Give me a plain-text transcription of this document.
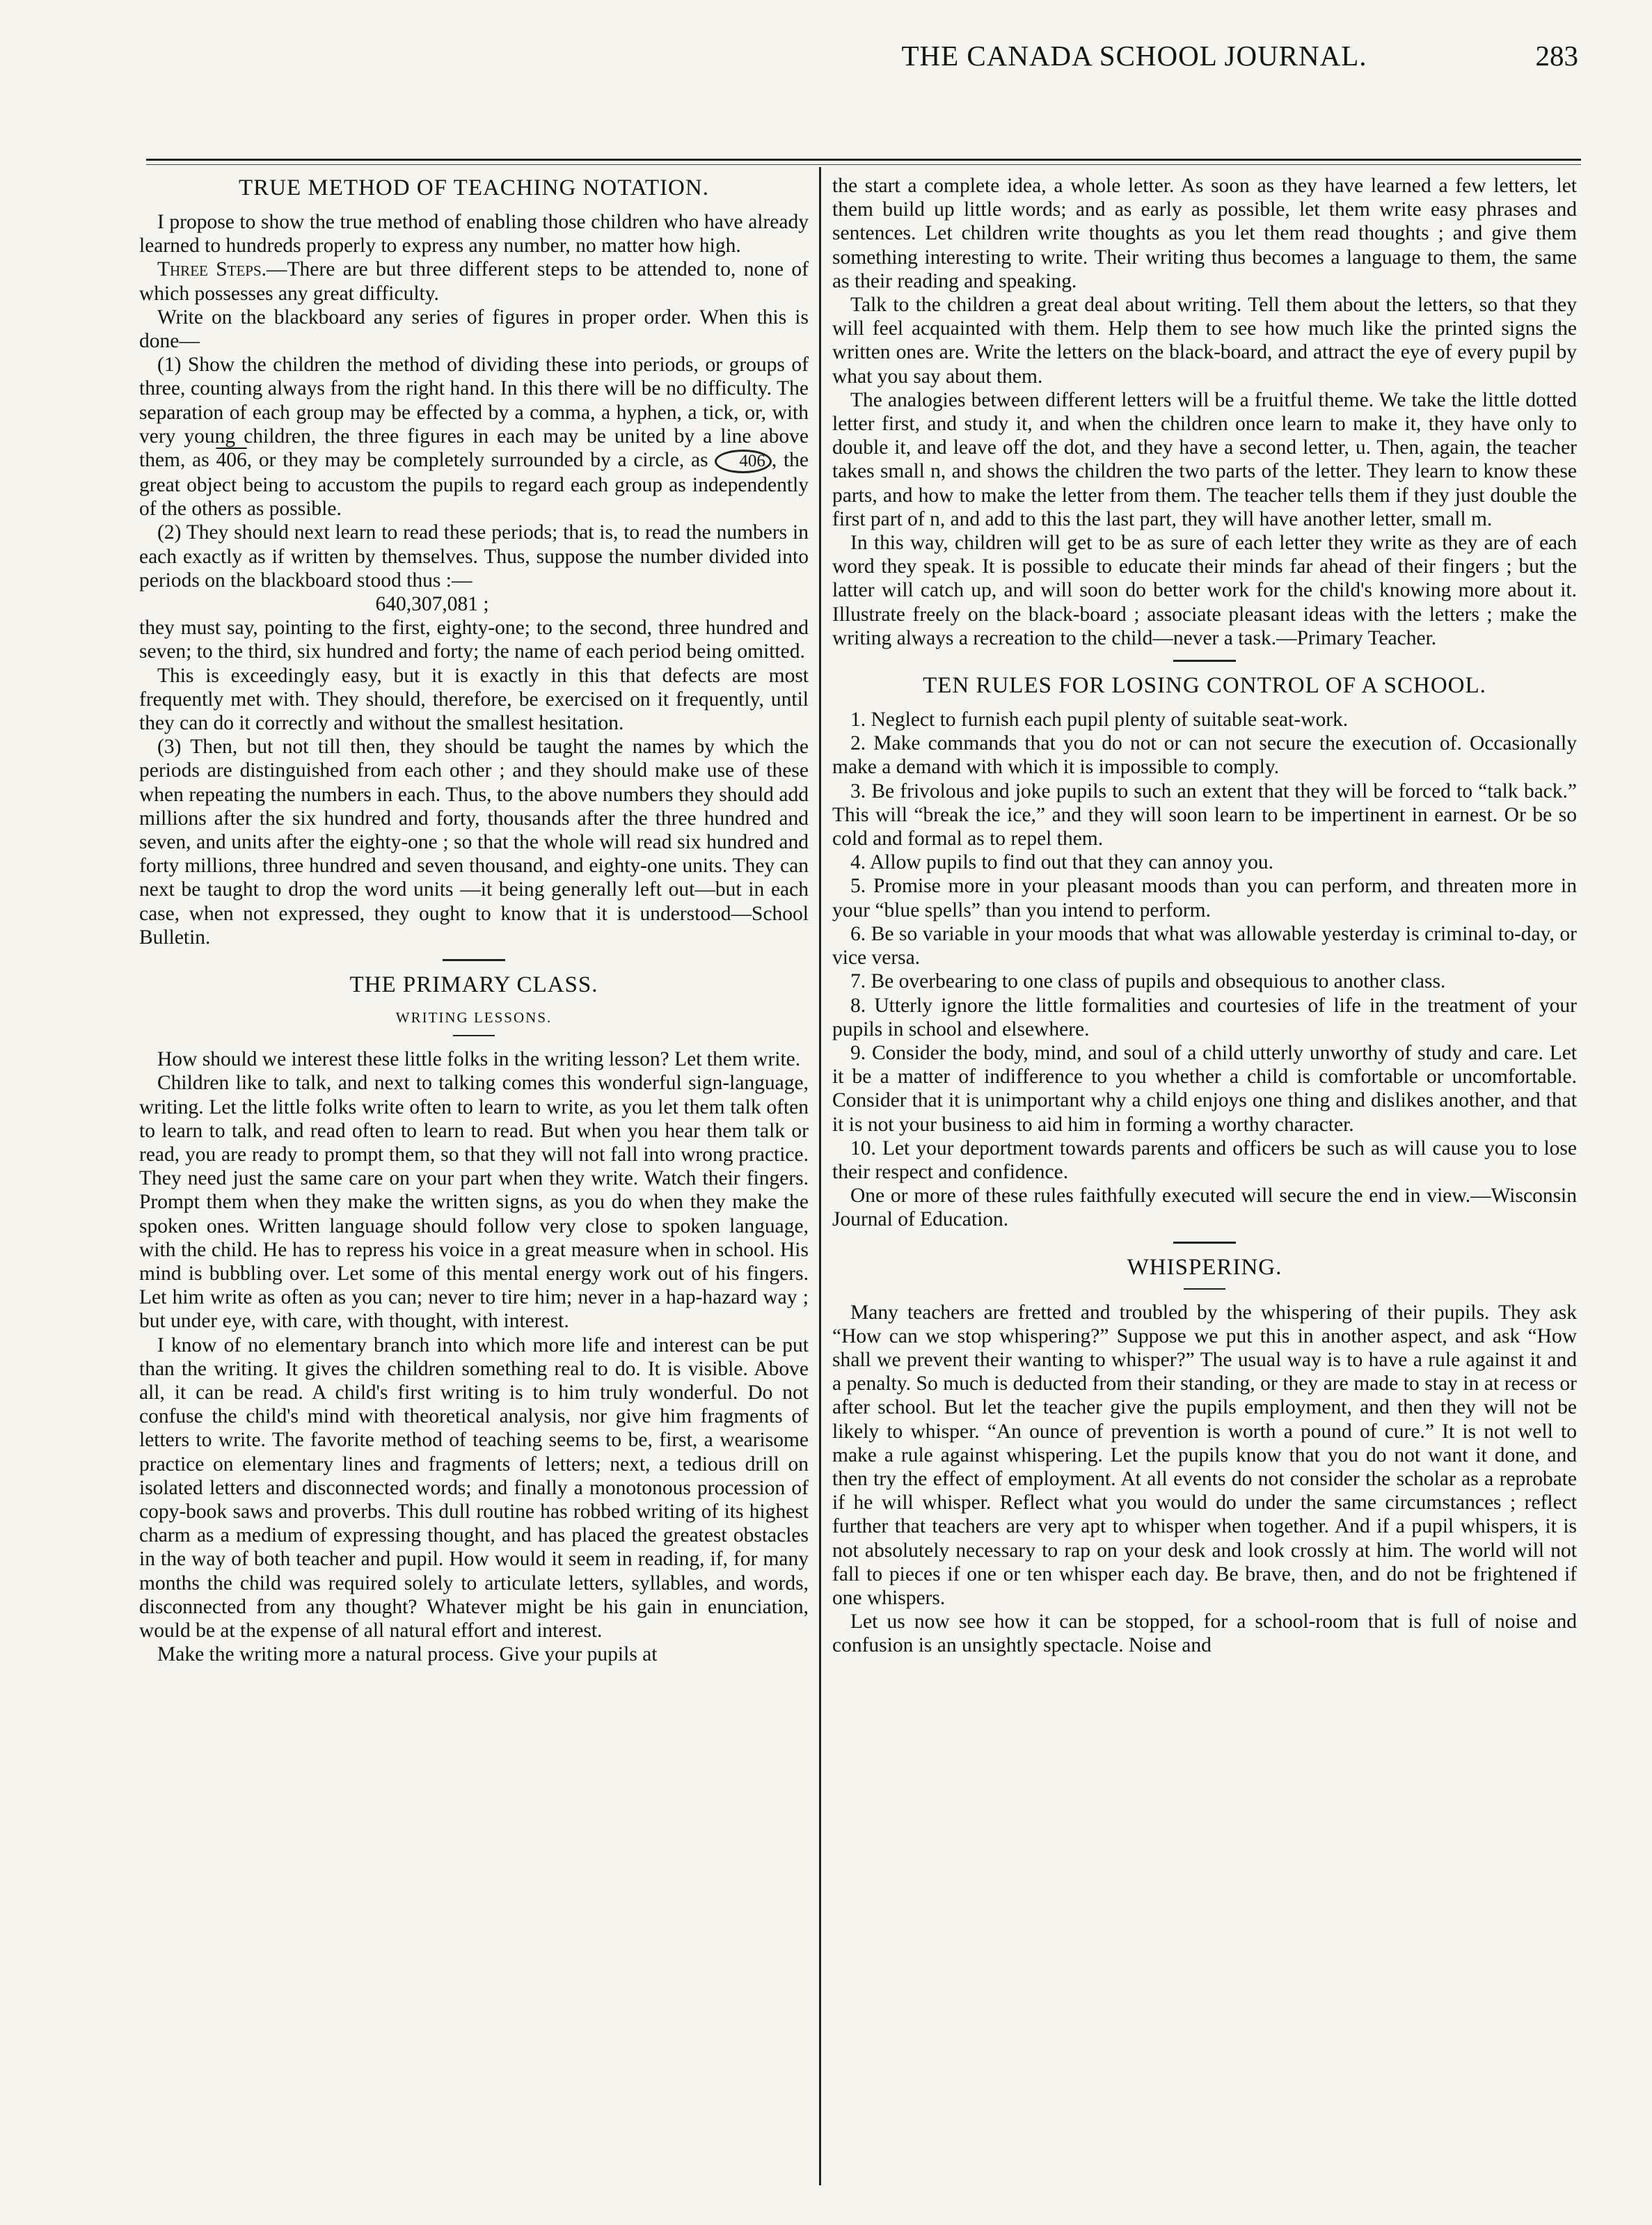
THE CANADA SCHOOL JOURNAL.	283
TRUE METHOD OF TEACHING NOTATION.

I propose to show the true method of enabling those children who have already learned to hundreds properly to express any number, no matter how high.

Three Steps.—There are but three different steps to be attended to, none of which possesses any great difficulty.

Write on the blackboard any series of figures in proper order. When this is done—

(1) Show the children the method of dividing these into periods, or groups of three, counting always from the right hand. In this there will be no difficulty. The separation of each group may be effected by a comma, a hyphen, a tick, or, with very young children, the three figures in each may be united by a line above them, as 406, or they may be completely surrounded by a circle, as 406 , the great object being to accustom the pupils to regard each group as independently of the others as possible.

(2) They should next learn to read these periods; that is, to read the numbers in each exactly as if written by themselves. Thus, suppose the number divided into periods on the blackboard stood thus :—

640,307,081 ;

they must say, pointing to the first, eighty-one; to the second, three hundred and seven; to the third, six hundred and forty; the name of each period being omitted.

This is exceedingly easy, but it is exactly in this that defects are most frequently met with. They should, therefore, be exercised on it frequently, until they can do it correctly and without the smallest hesitation.

(3) Then, but not till then, they should be taught the names by which the periods are distinguished from each other ; and they should make use of these when repeating the numbers in each. Thus, to the above numbers they should add millions after the six hundred and forty, thousands after the three hundred and seven, and units after the eighty-one ; so that the whole will read six hundred and forty millions, three hundred and seven thousand, and eighty-one units. They can next be taught to drop the word units —it being generally left out—but in each case, when not expressed, they ought to know that it is understood—School Bulletin.

THE PRIMARY CLASS.
WRITING LESSONS.

How should we interest these little folks in the writing lesson? Let them write.

Children like to talk, and next to talking comes this wonderful sign-language, writing. Let the little folks write often to learn to write, as you let them talk often to learn to talk, and read often to learn to read. But when you hear them talk or read, you are ready to prompt them, so that they will not fall into wrong practice. They need just the same care on your part when they write. Watch their fingers. Prompt them when they make the written signs, as you do when they make the spoken ones. Written language should follow very close to spoken language, with the child. He has to repress his voice in a great measure when in school. His mind is bubbling over. Let some of this mental energy work out of his fingers. Let him write as often as you can; never to tire him; never in a hap-hazard way ; but under eye, with care, with thought, with interest.

I know of no elementary branch into which more life and interest can be put than the writing. It gives the children something real to do. It is visible. Above all, it can be read. A child's first writing is to him truly wonderful. Do not confuse the child's mind with theoretical analysis, nor give him fragments of letters to write. The favorite method of teaching seems to be, first, a wearisome practice on elementary lines and fragments of letters; next, a tedious drill on isolated letters and disconnected words; and finally a monotonous procession of copy-book saws and proverbs. This dull routine has robbed writing of its highest charm as a medium of expressing thought, and has placed the greatest obstacles in the way of both teacher and pupil. How would it seem in reading, if, for many months the child was required solely to articulate letters, syllables, and words, disconnected from any thought? Whatever might be his gain in enunciation, would be at the expense of all natural effort and interest.

Make the writing more a natural process. Give your pupils at

the start a complete idea, a whole letter. As soon as they have learned a few letters, let them build up little words; and as early as possible, let them write easy phrases and sentences. Let children write thoughts as you let them read thoughts ; and give them something interesting to write. Their writing thus becomes a language to them, the same as their reading and speaking.

Talk to the children a great deal about writing. Tell them about the letters, so that they will feel acquainted with them. Help them to see how much like the printed signs the written ones are. Write the letters on the black-board, and attract the eye of every pupil by what you say about them.

The analogies between different letters will be a fruitful theme. We take the little dotted letter first, and study it, and when the children once learn to make it, they have only to double it, and leave off the dot, and they have a second letter, u. Then, again, the teacher takes small n, and shows the children the two parts of the letter. They learn to know these parts, and how to make the letter from them. The teacher tells them if they just double the first part of n, and add to this the last part, they will have another letter, small m.

In this way, children will get to be as sure of each letter they write as they are of each word they speak. It is possible to educate their minds far ahead of their fingers ; but the latter will catch up, and will soon do better work for the child's knowing more about it. Illustrate freely on the black-board ; associate pleasant ideas with the letters ; make the writing always a recreation to the child—never a task.—Primary Teacher.

TEN RULES FOR LOSING CONTROL OF A SCHOOL.

1. Neglect to furnish each pupil plenty of suitable seat-work.

2. Make commands that you do not or can not secure the execution of. Occasionally make a demand with which it is impossible to comply.

3. Be frivolous and joke pupils to such an extent that they will be forced to “talk back.” This will “break the ice,” and they will soon learn to be impertinent in earnest. Or be so cold and formal as to repel them.

4. Allow pupils to find out that they can annoy you.

5. Promise more in your pleasant moods than you can perform, and threaten more in your “blue spells” than you intend to perform.

6. Be so variable in your moods that what was allowable yesterday is criminal to-day, or vice versa.

7. Be overbearing to one class of pupils and obsequious to another class.

8. Utterly ignore the little formalities and courtesies of life in the treatment of your pupils in school and elsewhere.

9. Consider the body, mind, and soul of a child utterly unworthy of study and care. Let it be a matter of indifference to you whether a child is comfortable or uncomfortable. Consider that it is unimportant why a child enjoys one thing and dislikes another, and that it is not your business to aid him in forming a worthy character.

10. Let your deportment towards parents and officers be such as will cause you to lose their respect and confidence.

One or more of these rules faithfully executed will secure the end in view.—Wisconsin Journal of Education.

WHISPERING.

Many teachers are fretted and troubled by the whispering of their pupils. They ask “How can we stop whispering?” Suppose we put this in another aspect, and ask “How shall we prevent their wanting to whisper?” The usual way is to have a rule against it and a penalty. So much is deducted from their standing, or they are made to stay in at recess or after school. But let the teacher give the pupils employment, and then they will not be likely to whisper. “An ounce of prevention is worth a pound of cure.” It is not well to make a rule against whispering. Let the pupils know that you do not want it done, and then try the effect of employment. At all events do not consider the scholar as a reprobate if he will whisper. Reflect what you would do under the same circumstances ; reflect further that teachers are very apt to whisper when together. And if a pupil whispers, it is not absolutely necessary to rap on your desk and look crossly at him. The world will not fall to pieces if one or ten whisper each day. Be brave, then, and do not be frightened if one whispers.

Let us now see how it can be stopped, for a school-room that is full of noise and confusion is an unsightly spectacle. Noise and
